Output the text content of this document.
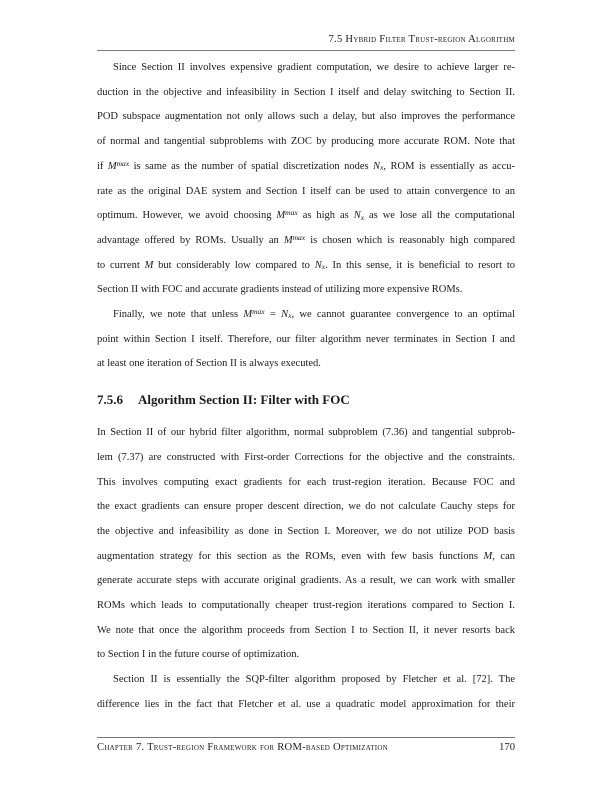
7.5 Hybrid Filter Trust-region Algorithm
Since Section II involves expensive gradient computation, we desire to achieve larger re-
duction in the objective and infeasibility in Section I itself and delay switching to Section II.
POD subspace augmentation not only allows such a delay, but also improves the performance
of normal and tangential subproblems with ZOC by producing more accurate ROM. Note that
if $M^{max}$ is same as the number of spatial discretization nodes $N_x$, ROM is essentially as accu-
rate as the original DAE system and Section I itself can be used to attain convergence to an
optimum. However, we avoid choosing $M^{max}$ as high as $N_x$ as we lose all the computational
advantage offered by ROMs. Usually an $M^{max}$ is chosen which is reasonably high compared
to current M but considerably low compared to $N_x$. In this sense, it is beneficial to resort to
Section II with FOC and accurate gradients instead of utilizing more expensive ROMs.
Finally, we note that unless $M^{max} = N_x$, we cannot guarantee convergence to an optimal
point within Section I itself. Therefore, our filter algorithm never terminates in Section I and
at least one iteration of Section II is always executed.
7.5.6 Algorithm Section II: Filter with FOC
In Section II of our hybrid filter algorithm, normal subproblem (7.36) and tangential subprob-
lem (7.37) are constructed with First-order Corrections for the objective and the constraints.
This involves computing exact gradients for each trust-region iteration. Because FOC and
the exact gradients can ensure proper descent direction, we do not calculate Cauchy steps for
the objective and infeasibility as done in Section I. Moreover, we do not utilize POD basis
augmentation strategy for this section as the ROMs, even with few basis functions M, can
generate accurate steps with accurate original gradients. As a result, we can work with smaller
ROMs which leads to computationally cheaper trust-region iterations compared to Section I.
We note that once the algorithm proceeds from Section I to Section II, it never resorts back
to Section I in the future course of optimization.
Section II is essentially the SQP-filter algorithm proposed by Fletcher et al. [72]. The
difference lies in the fact that Fletcher et al. use a quadratic model approximation for their
Chapter 7. Trust-region Framework for ROM-based Optimization	170
